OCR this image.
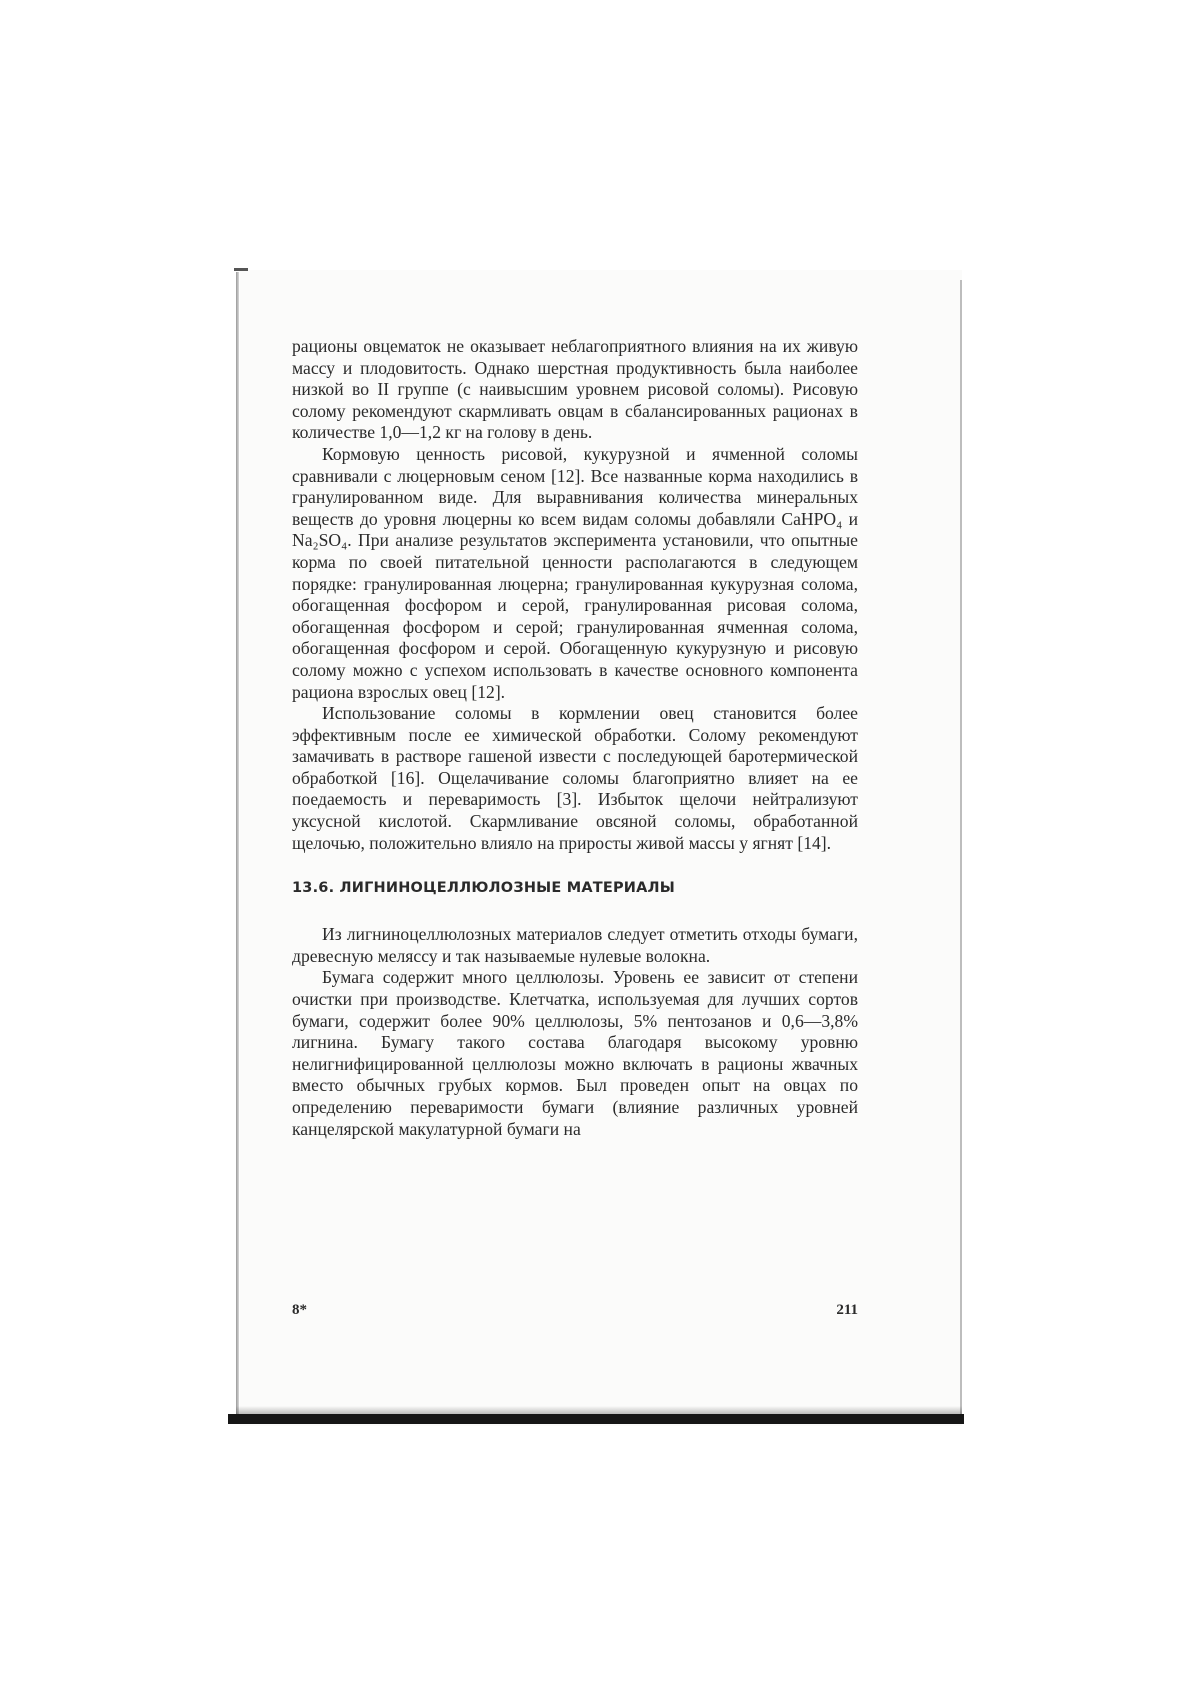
рационы овцематок не оказывает неблагоприятного влияния на их живую массу и плодовитость. Однако шерстная продуктивность была наиболее низкой во II группе (с наивысшим уровнем рисовой соломы). Рисовую солому рекомендуют скармливать овцам в сбалансированных рационах в количестве 1,0—1,2 кг на голову в день.

Кормовую ценность рисовой, кукурузной и ячменной соломы сравнивали с люцерновым сеном [12]. Все названные корма находились в гранулированном виде. Для выравнивания количества минеральных веществ до уровня люцерны ко всем видам соломы добавляли CaHPO₄ и Na₂SO₄. При анализе результатов эксперимента установили, что опытные корма по своей питательной ценности располагаются в следующем порядке: гранулированная люцерна; гранулированная кукурузная солома, обогащенная фосфором и серой, гранулированная рисовая солома, обогащенная фосфором и серой; гранулированная ячменная солома, обогащенная фосфором и серой. Обогащенную кукурузную и рисовую солому можно с успехом использовать в качестве основного компонента рациона взрослых овец [12].

Использование соломы в кормлении овец становится более эффективным после ее химической обработки. Солому рекомендуют замачивать в растворе гашеной извести с последующей баротермической обработкой [16]. Ощелачивание соломы благоприятно влияет на ее поедаемость и переваримость [3]. Избыток щелочи нейтрализуют уксусной кислотой. Скармливание овсяной соломы, обработанной щелочью, положительно влияло на приросты живой массы у ягнят [14].

13.6. ЛИГНИНОЦЕЛЛЮЛОЗНЫЕ МАТЕРИАЛЫ

Из лигниноцеллюлозных материалов следует отметить отходы бумаги, древесную меляссу и так называемые нулевые волокна.

Бумага содержит много целлюлозы. Уровень ее зависит от степени очистки при производстве. Клетчатка, используемая для лучших сортов бумаги, содержит более 90% целлюлозы, 5% пентозанов и 0,6—3,8% лигнина. Бумагу такого состава благодаря высокому уровню нелигнифицированной целлюлозы можно включать в рационы жвачных вместо обычных грубых кормов. Был проведен опыт на овцах по определению переваримости бумаги (влияние различных уровней канцелярской макулатурной бумаги на

8*	211
